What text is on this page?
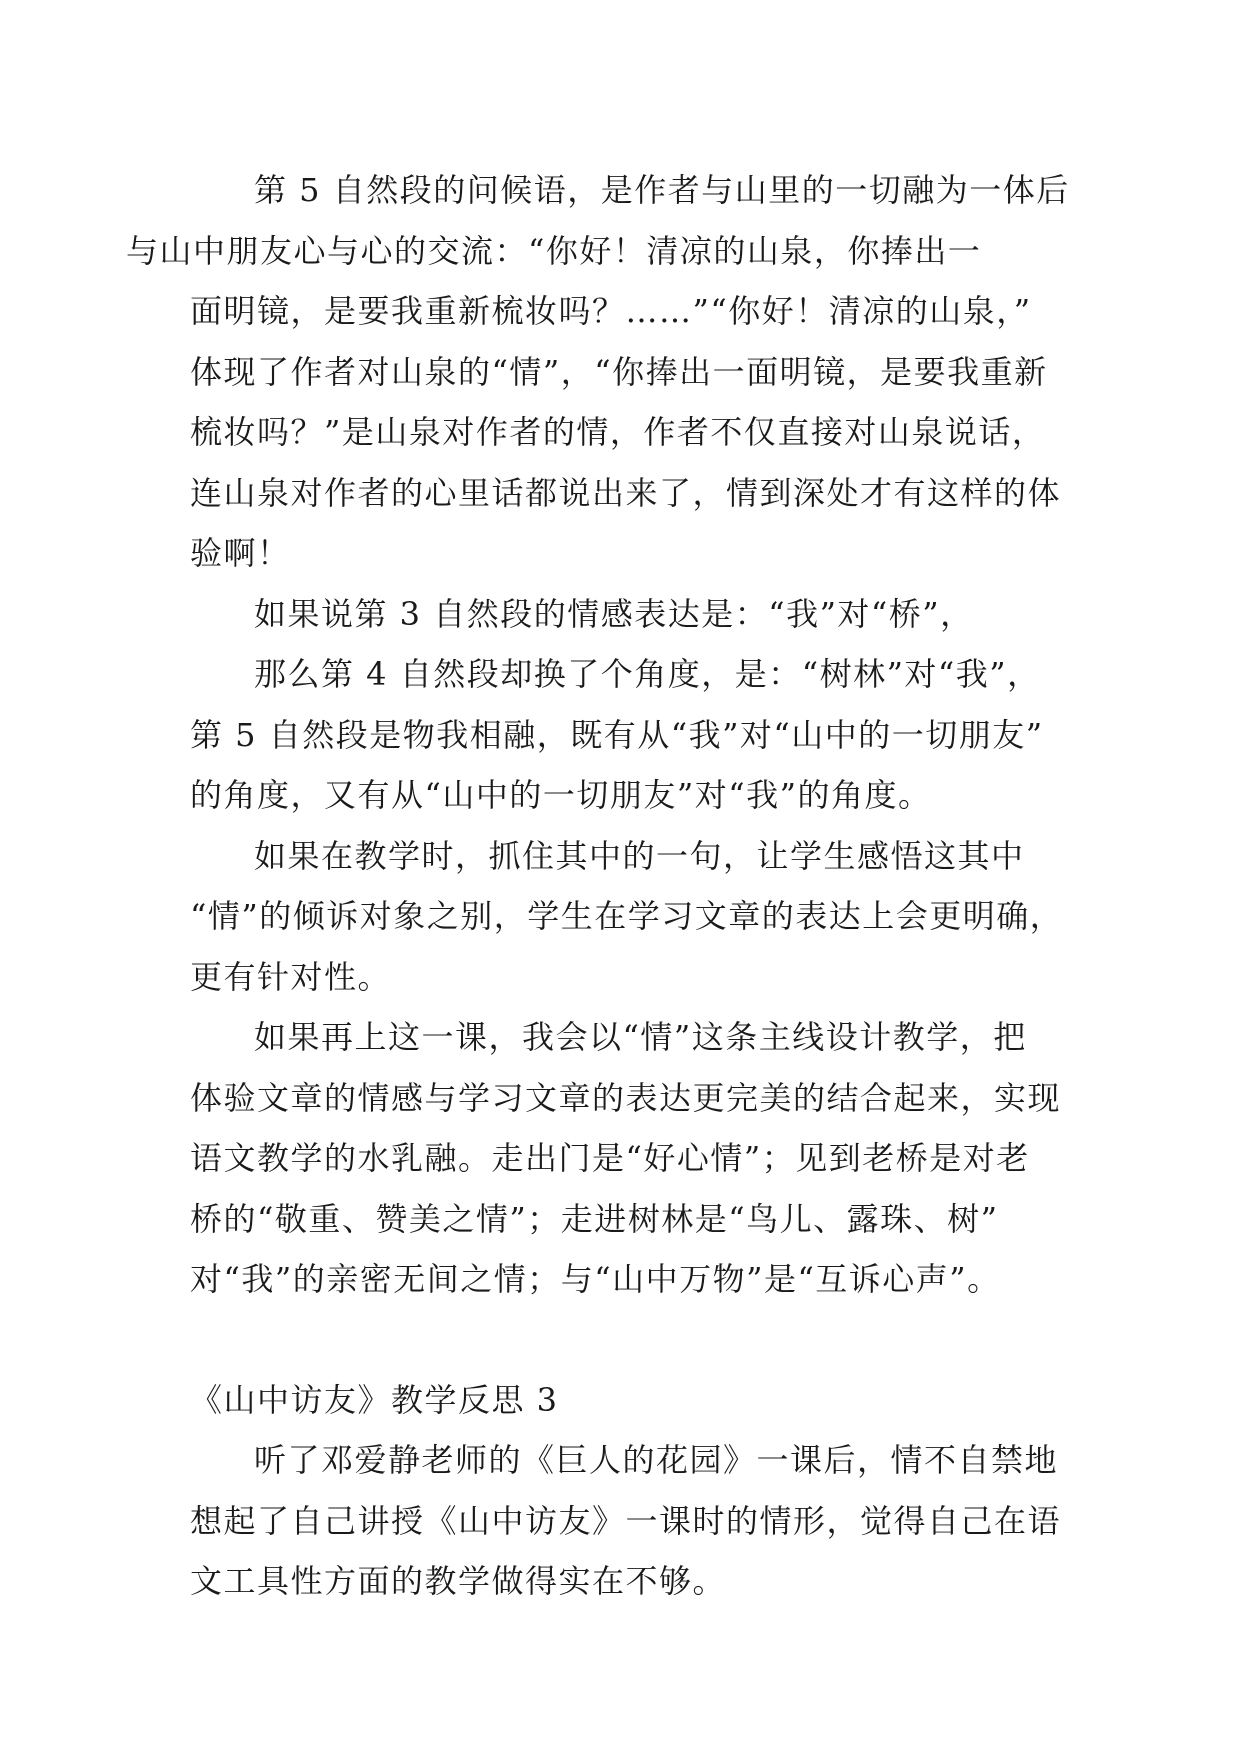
第 5 自然段的问候语，是作者与山里的一切融为一体后
与山中朋友心与心的交流：“你好！清凉的山泉，你捧出一
面明镜，是要我重新梳妆吗？……”“你好！清凉的山泉，”
体现了作者对山泉的“情”，“你捧出一面明镜，是要我重新
梳妆吗？”是山泉对作者的情，作者不仅直接对山泉说话，
连山泉对作者的心里话都说出来了，情到深处才有这样的体
验啊！

如果说第 3 自然段的情感表达是：“我”对“桥”，

那么第 4 自然段却换了个角度，是：“树林”对“我”，
第 5 自然段是物我相融，既有从“我”对“山中的一切朋友”
的角度，又有从“山中的一切朋友”对“我”的角度。

如果在教学时，抓住其中的一句，让学生感悟这其中
“情”的倾诉对象之别，学生在学习文章的表达上会更明确，
更有针对性。

如果再上这一课，我会以“情”这条主线设计教学，把
体验文章的情感与学习文章的表达更完美的结合起来，实现
语文教学的水乳融。走出门是“好心情”；见到老桥是对老
桥的“敬重、赞美之情”；走进树林是“鸟儿、露珠、树”
对“我”的亲密无间之情；与“山中万物”是“互诉心声”。

《山中访友》教学反思 3

听了邓爱静老师的《巨人的花园》一课后，情不自禁地
想起了自己讲授《山中访友》一课时的情形，觉得自己在语
文工具性方面的教学做得实在不够。
